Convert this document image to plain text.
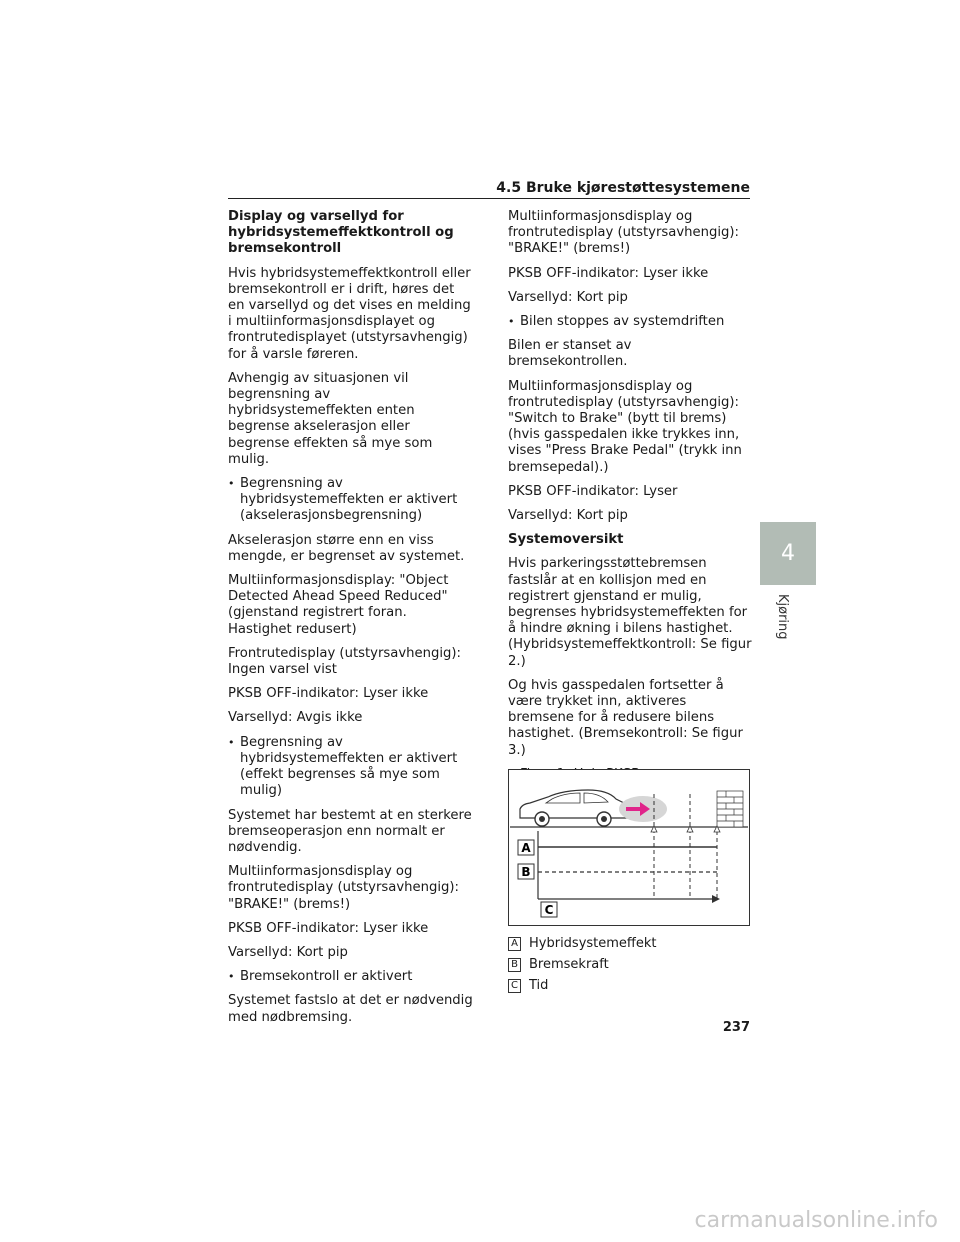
4.5 Bruke kjørestøttesystemene

Display og varsellyd for hybridsystemeffektkontroll og bremsekontroll

Hvis hybridsystemeffektkontroll eller bremsekontroll er i drift, høres det en varsellyd og det vises en melding i multiinformasjonsdisplayet og frontrutedisplayet (utstyrsavhengig) for å varsle føreren.

Avhengig av situasjonen vil begrensning av hybridsystemeffekten enten begrense akselerasjon eller begrense effekten så mye som mulig.

• Begrensning av hybridsystemeffekten er aktivert (akselerasjonsbegrensning)

Akselerasjon større enn en viss mengde, er begrenset av systemet.

Multiinformasjonsdisplay: "Object Detected Ahead Speed Reduced" (gjenstand registrert foran. Hastighet redusert)

Frontrutedisplay (utstyrsavhengig): Ingen varsel vist

PKSB OFF-indikator: Lyser ikke

Varsellyd: Avgis ikke

• Begrensning av hybridsystemeffekten er aktivert (effekt begrenses så mye som mulig)

Systemet har bestemt at en sterkere bremseoperasjon enn normalt er nødvendig.

Multiinformasjonsdisplay og frontrutedisplay (utstyrsavhengig): "BRAKE!" (brems!)

PKSB OFF-indikator: Lyser ikke

Varsellyd: Kort pip

• Bremsekontroll er aktivert

Systemet fastslo at det er nødvendig med nødbremsing.

Multiinformasjonsdisplay og frontrutedisplay (utstyrsavhengig): "BRAKE!" (brems!)

PKSB OFF-indikator: Lyser ikke

Varsellyd: Kort pip

• Bilen stoppes av systemdriften

Bilen er stanset av bremsekontrollen.

Multiinformasjonsdisplay og frontrutedisplay (utstyrsavhengig): "Switch to Brake" (bytt til brems) (hvis gasspedalen ikke trykkes inn, vises "Press Brake Pedal" (trykk inn bremsepedal).)

PKSB OFF-indikator: Lyser

Varsellyd: Kort pip

Systemoversikt

Hvis parkeringsstøttebremsen fastslår at en kollisjon med en registrert gjenstand er mulig, begrenses hybridsystemeffekten for å hindre økning i bilens hastighet. (Hybridsystemeffektkontroll: Se figur 2.)

Og hvis gasspedalen fortsetter å være trykket inn, aktiveres bremsene for å redusere bilens hastighet. (Bremsekontroll: Se figur 3.)

•
4
Kjøring
A
B
C
A Hybridsystemeffekt
B Bremsekraft
C Tid
237
carmanualsonline.info
